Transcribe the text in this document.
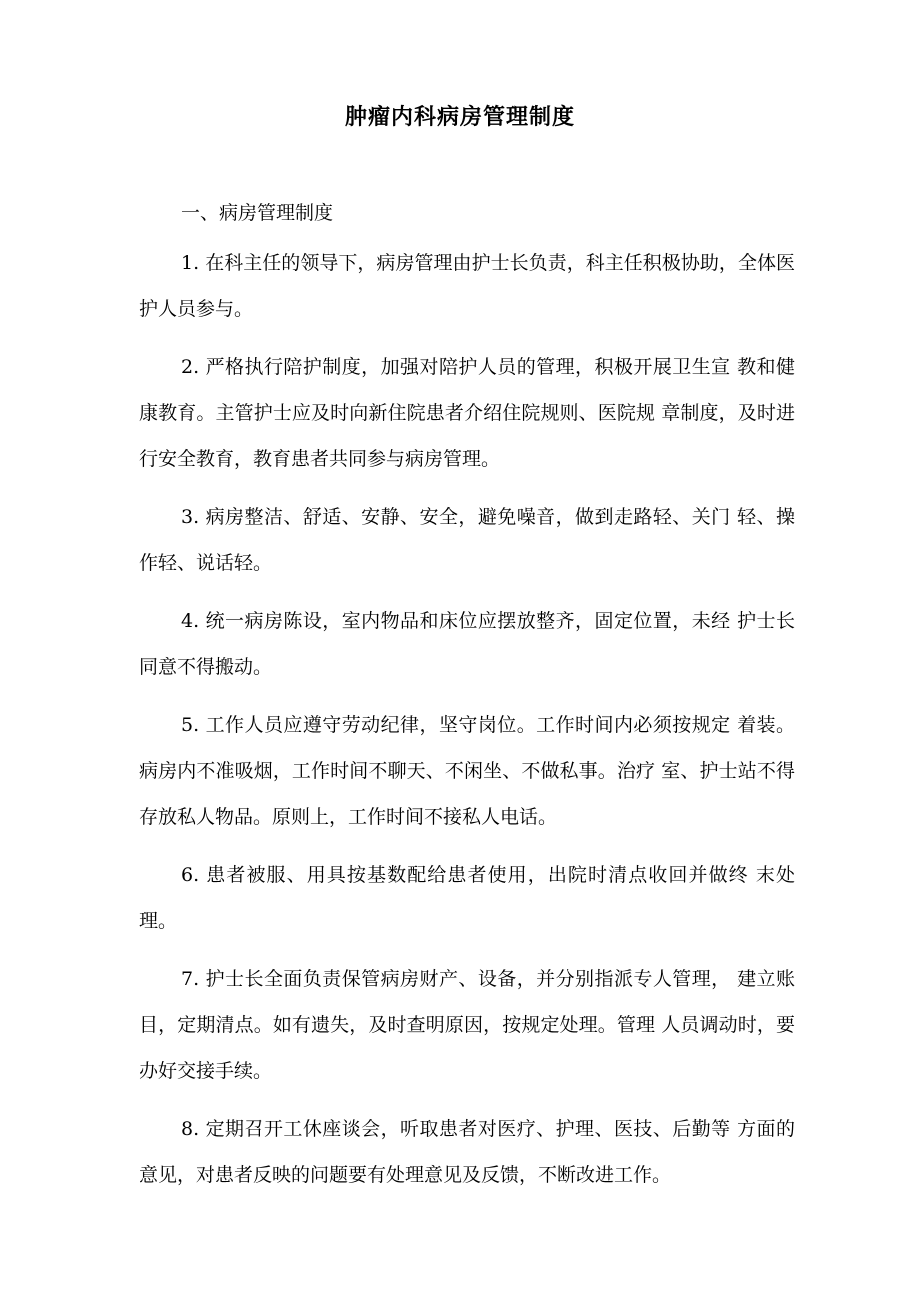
肿瘤内科病房管理制度

一、病房管理制度

1. 在科主任的领导下，病房管理由护士长负责，科主任积极协助，全体医护人员参与。

2. 严格执行陪护制度，加强对陪护人员的管理，积极开展卫生宣 教和健康教育。主管护士应及时向新住院患者介绍住院规则、医院规 章制度，及时进行安全教育，教育患者共同参与病房管理。

3. 病房整洁、舒适、安静、安全，避免噪音，做到走路轻、关门 轻、操作轻、说话轻。

4. 统一病房陈设，室内物品和床位应摆放整齐，固定位置，未经 护士长同意不得搬动。

5. 工作人员应遵守劳动纪律，坚守岗位。工作时间内必须按规定 着装。病房内不准吸烟，工作时间不聊天、不闲坐、不做私事。治疗 室、护士站不得存放私人物品。原则上，工作时间不接私人电话。

6. 患者被服、用具按基数配给患者使用，出院时清点收回并做终 末处理。

7. 护士长全面负责保管病房财产、设备，并分别指派专人管理， 建立账目，定期清点。如有遗失，及时查明原因，按规定处理。管理 人员调动时，要办好交接手续。

8. 定期召开工休座谈会，听取患者对医疗、护理、医技、后勤等 方面的意见，对患者反映的问题要有处理意见及反馈，不断改进工作。
